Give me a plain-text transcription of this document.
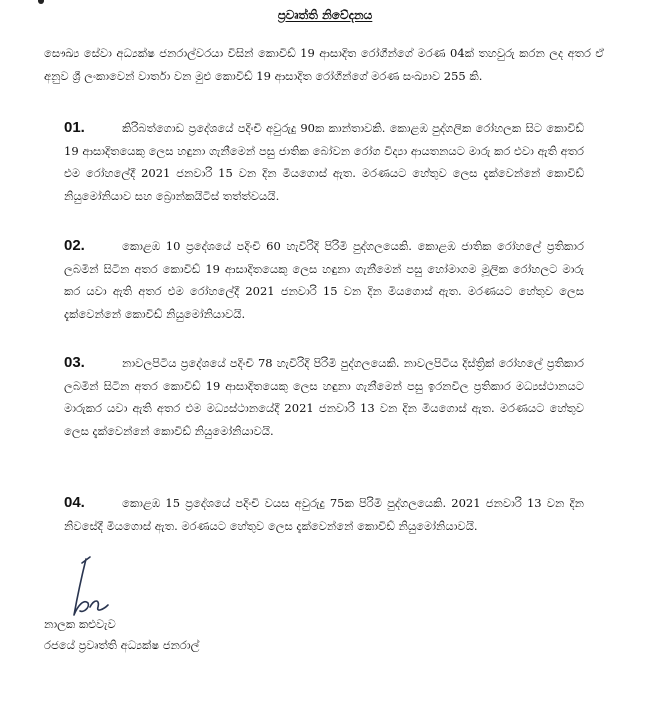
ප්‍රවෘත්ති නිවේදනය
සෞඛ්‍ය සේවා අධ්‍යක්ෂ ජනරාල්වරයා විසින් කොවිඩ් 19 ආසාදිත රෝගීන්ගේ මරණ 04ක් තහවුරු කරන ලද අතර ඒ අනුව ශ්‍රී ලංකාවෙන් වාර්තා වන මුළු කොවිඩ් 19 ආසාදිත රෝගීන්ගේ මරණ සංඛ්‍යාව 255 කි.
01.	කිරිබත්ගොඩ ප්‍රදේශයේ පදිංචි අවුරුදු 90ක කාන්තාවකි. කොළඹ පුද්ගලික රෝහලක සිට කොවිඩ් 19 ආසාදිතයෙකු ලෙස හඳුනා ගැනීමෙන් පසු ජාතික බෝවන රෝග විද්‍යා ආයතනයට මාරු කර එවා ඇති අතර එම රෝහලේදී 2021 ජනවාරි 15 වන දින මියගොස් ඇත. මරණයට හේතුව ලෙස දැක්වෙන්නේ කොවිඩ් නියුමෝනියාව සහ බ්‍රොන්කයිටිස් තත්ත්වයයි.
02.	කොළඹ 10 ප්‍රදේශයේ පදිංචි 60 හැවිරිදි පිරිමි පුද්ගලයෙකි. කොළඹ ජාතික රෝහලේ ප්‍රතිකාර ලබමින් සිටින අතර කොවිඩ් 19 ආසාදිතයෙකු ලෙස හඳුනා ගැනීමෙන් පසු හෝමාගම මූලික රෝහලට මාරු කර යවා ඇති අතර එම රෝහලේදී 2021 ජනවාරි 15 වන දින මියගොස් ඇත. මරණයට හේතුව ලෙස දැක්වෙන්නේ කොවිඩ් නියුමෝනියාවයි.
03.	නාවලපිටිය ප්‍රදේශයේ පදිංචි 78 හැවිරිදි පිරිමි පුද්ගලයෙකි. නාවලපිටිය දිස්ත්‍රික් රෝහලේ ප්‍රතිකාර ලබමින් සිටින අතර කොවිඩ් 19 ආසාදිතයෙකු ලෙස හඳුනා ගැනීමෙන් පසු ඉරනවිල ප්‍රතිකාර මධ්‍යස්ථානයට මාරුකර යවා ඇති අතර එම මධ්‍යස්ථානයේදී 2021 ජනවාරි 13 වන දින මියගොස් ඇත. මරණයට හේතුව ලෙස දැක්වෙන්නේ කොවිඩ් නියුමෝනියාවයි.
04.	කොළඹ 15 ප්‍රදේශයේ පදිංචි වයස අවුරුදු 75ක පිරිමි පුද්ගලයෙකි. 2021 ජනවාරි 13 වන දින නිවසේදී මියගොස් ඇත. මරණයට හේතුව ලෙස දැක්වෙන්නේ කොවිඩ් නියුමෝනියාවයි.
නාලක කළුවැව
රජයේ ප්‍රවෘත්ති අධ්‍යක්ෂ ජනරාල්
